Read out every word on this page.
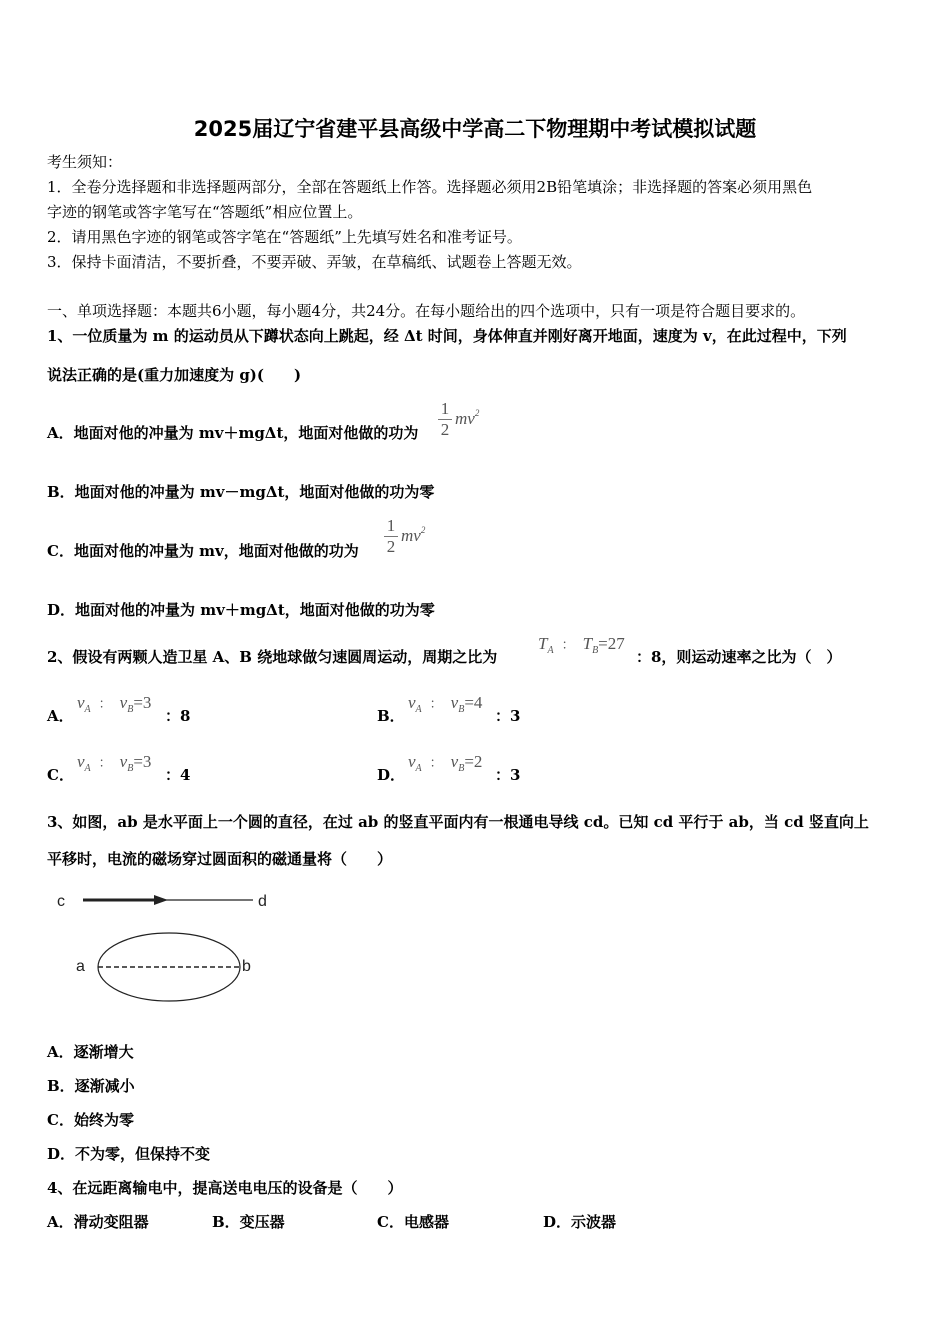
2025届辽宁省建平县高级中学高二下物理期中考试模拟试题
考生须知：
1．全卷分选择题和非选择题两部分，全部在答题纸上作答。选择题必须用2B铅笔填涂；非选择题的答案必须用黑色
字迹的钢笔或答字笔写在“答题纸”相应位置上。
2．请用黑色字迹的钢笔或答字笔在“答题纸”上先填写姓名和准考证号。
3．保持卡面清洁，不要折叠，不要弄破、弄皱，在草稿纸、试题卷上答题无效。
一、单项选择题：本题共6小题，每小题4分，共24分。在每小题给出的四个选项中，只有一项是符合题目要求的。
1、一位质量为 m 的运动员从下蹲状态向上跳起，经 Δt 时间，身体伸直并刚好离开地面，速度为 v，在此过程中，下列
说法正确的是(重力加速度为 g)(　　)
A．地面对他的冲量为 mv＋mgΔt，地面对他做的功为
1
2
$mv^2$
B．地面对他的冲量为 mv－mgΔt，地面对他做的功为零
C．地面对他的冲量为 mv，地面对他做的功为
1
2
$mv^2$
D．地面对他的冲量为 mv＋mgΔt，地面对他做的功为零
2、假设有两颗人造卫星 A、B 绕地球做匀速圆周运动，周期之比为
$T_A$ ： $T_B=27$
：8，则运动速率之比为（　）
A．
$v_A$ ： $v_B=3$
：8	B．
$v_A$ ： $v_B=4$
：3
C．
$v_A$ ： $v_B=3$
：4	D．
$v_A$ ： $v_B=2$
：3
3、如图，ab 是水平面上一个圆的直径，在过 ab 的竖直平面内有一根通电导线 cd。已知 cd 平行于 ab，当 cd 竖直向上
平移时，电流的磁场穿过圆面积的磁通量将（　　）
c	d
a	b
A．逐渐增大
B．逐渐减小
C．始终为零
D．不为零，但保持不变
4、在远距离输电中，提高送电电压的设备是（　　）
A．滑动变阻器	B．变压器	C．电感器	D．示波器
